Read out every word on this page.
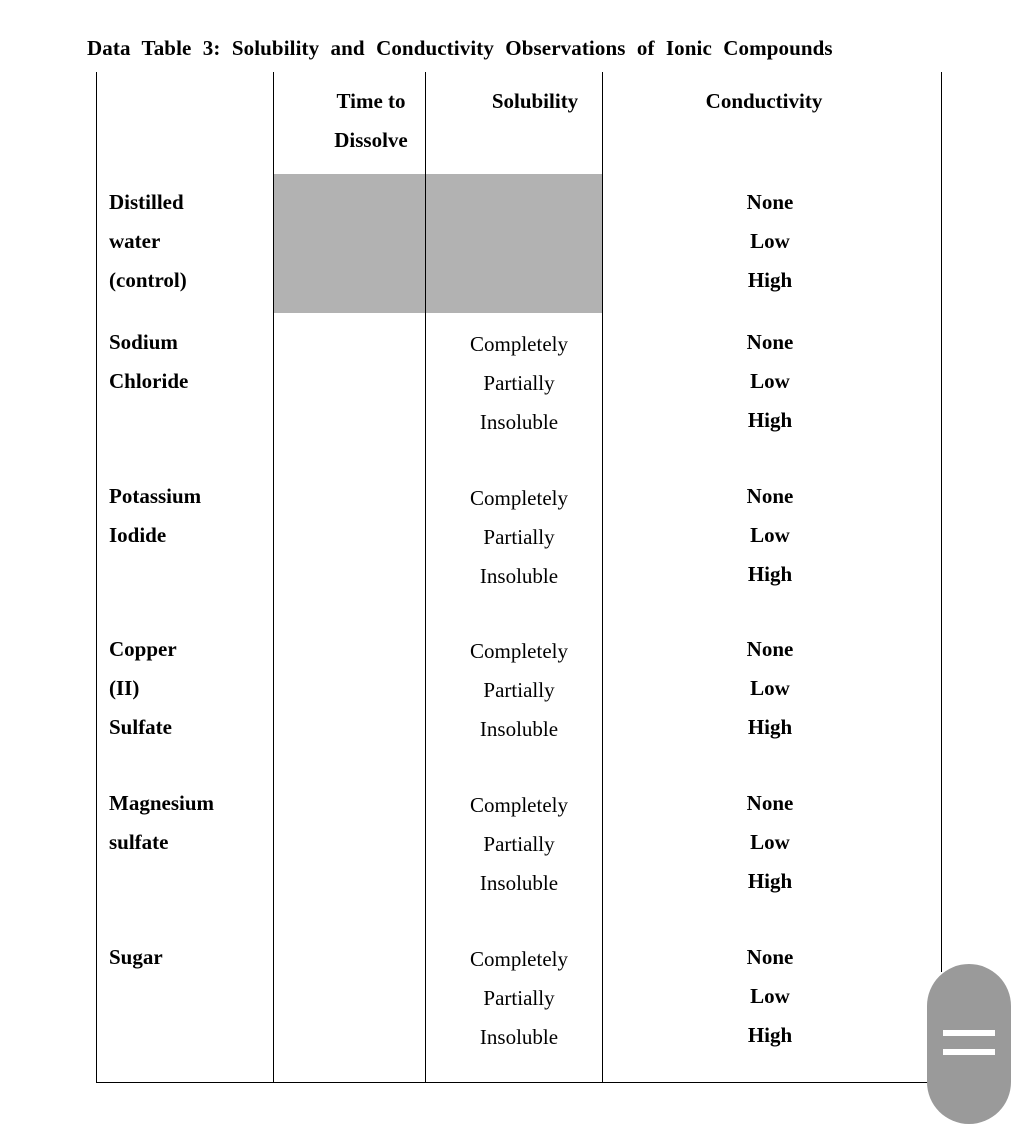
Data Table 3: Solubility and Conductivity Observations of Ionic Compounds
Time to
Dissolve
Solubility	Conductivity
Distilled
water
(control)
None
Low
High
Sodium
Chloride
Completely
Partially
Insoluble
None
Low
High
Potassium
Iodide
Completely
Partially
Insoluble
None
Low
High
Copper
(II)
Sulfate
Completely
Partially
Insoluble
None
Low
High
Magnesium
sulfate
Completely
Partially
Insoluble
None
Low
High
Sugar	Completely
Partially
Insoluble
None
Low
High
